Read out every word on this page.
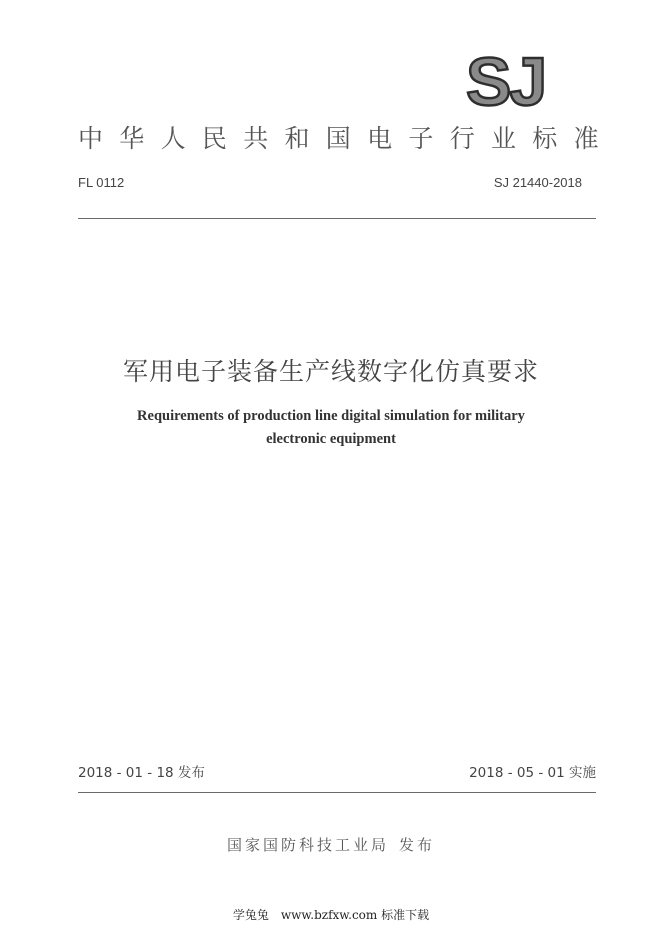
SJ
中华人民共和国电子行业标准
FL 0112	SJ 21440-2018
军用电子装备生产线数字化仿真要求
Requirements of production line digital simulation for military
electronic equipment
2018 - 01 - 18 发布	2018 - 05 - 01 实施
国家国防科技工业局 发布
学兔兔　www.bzfxw.com 标准下载
